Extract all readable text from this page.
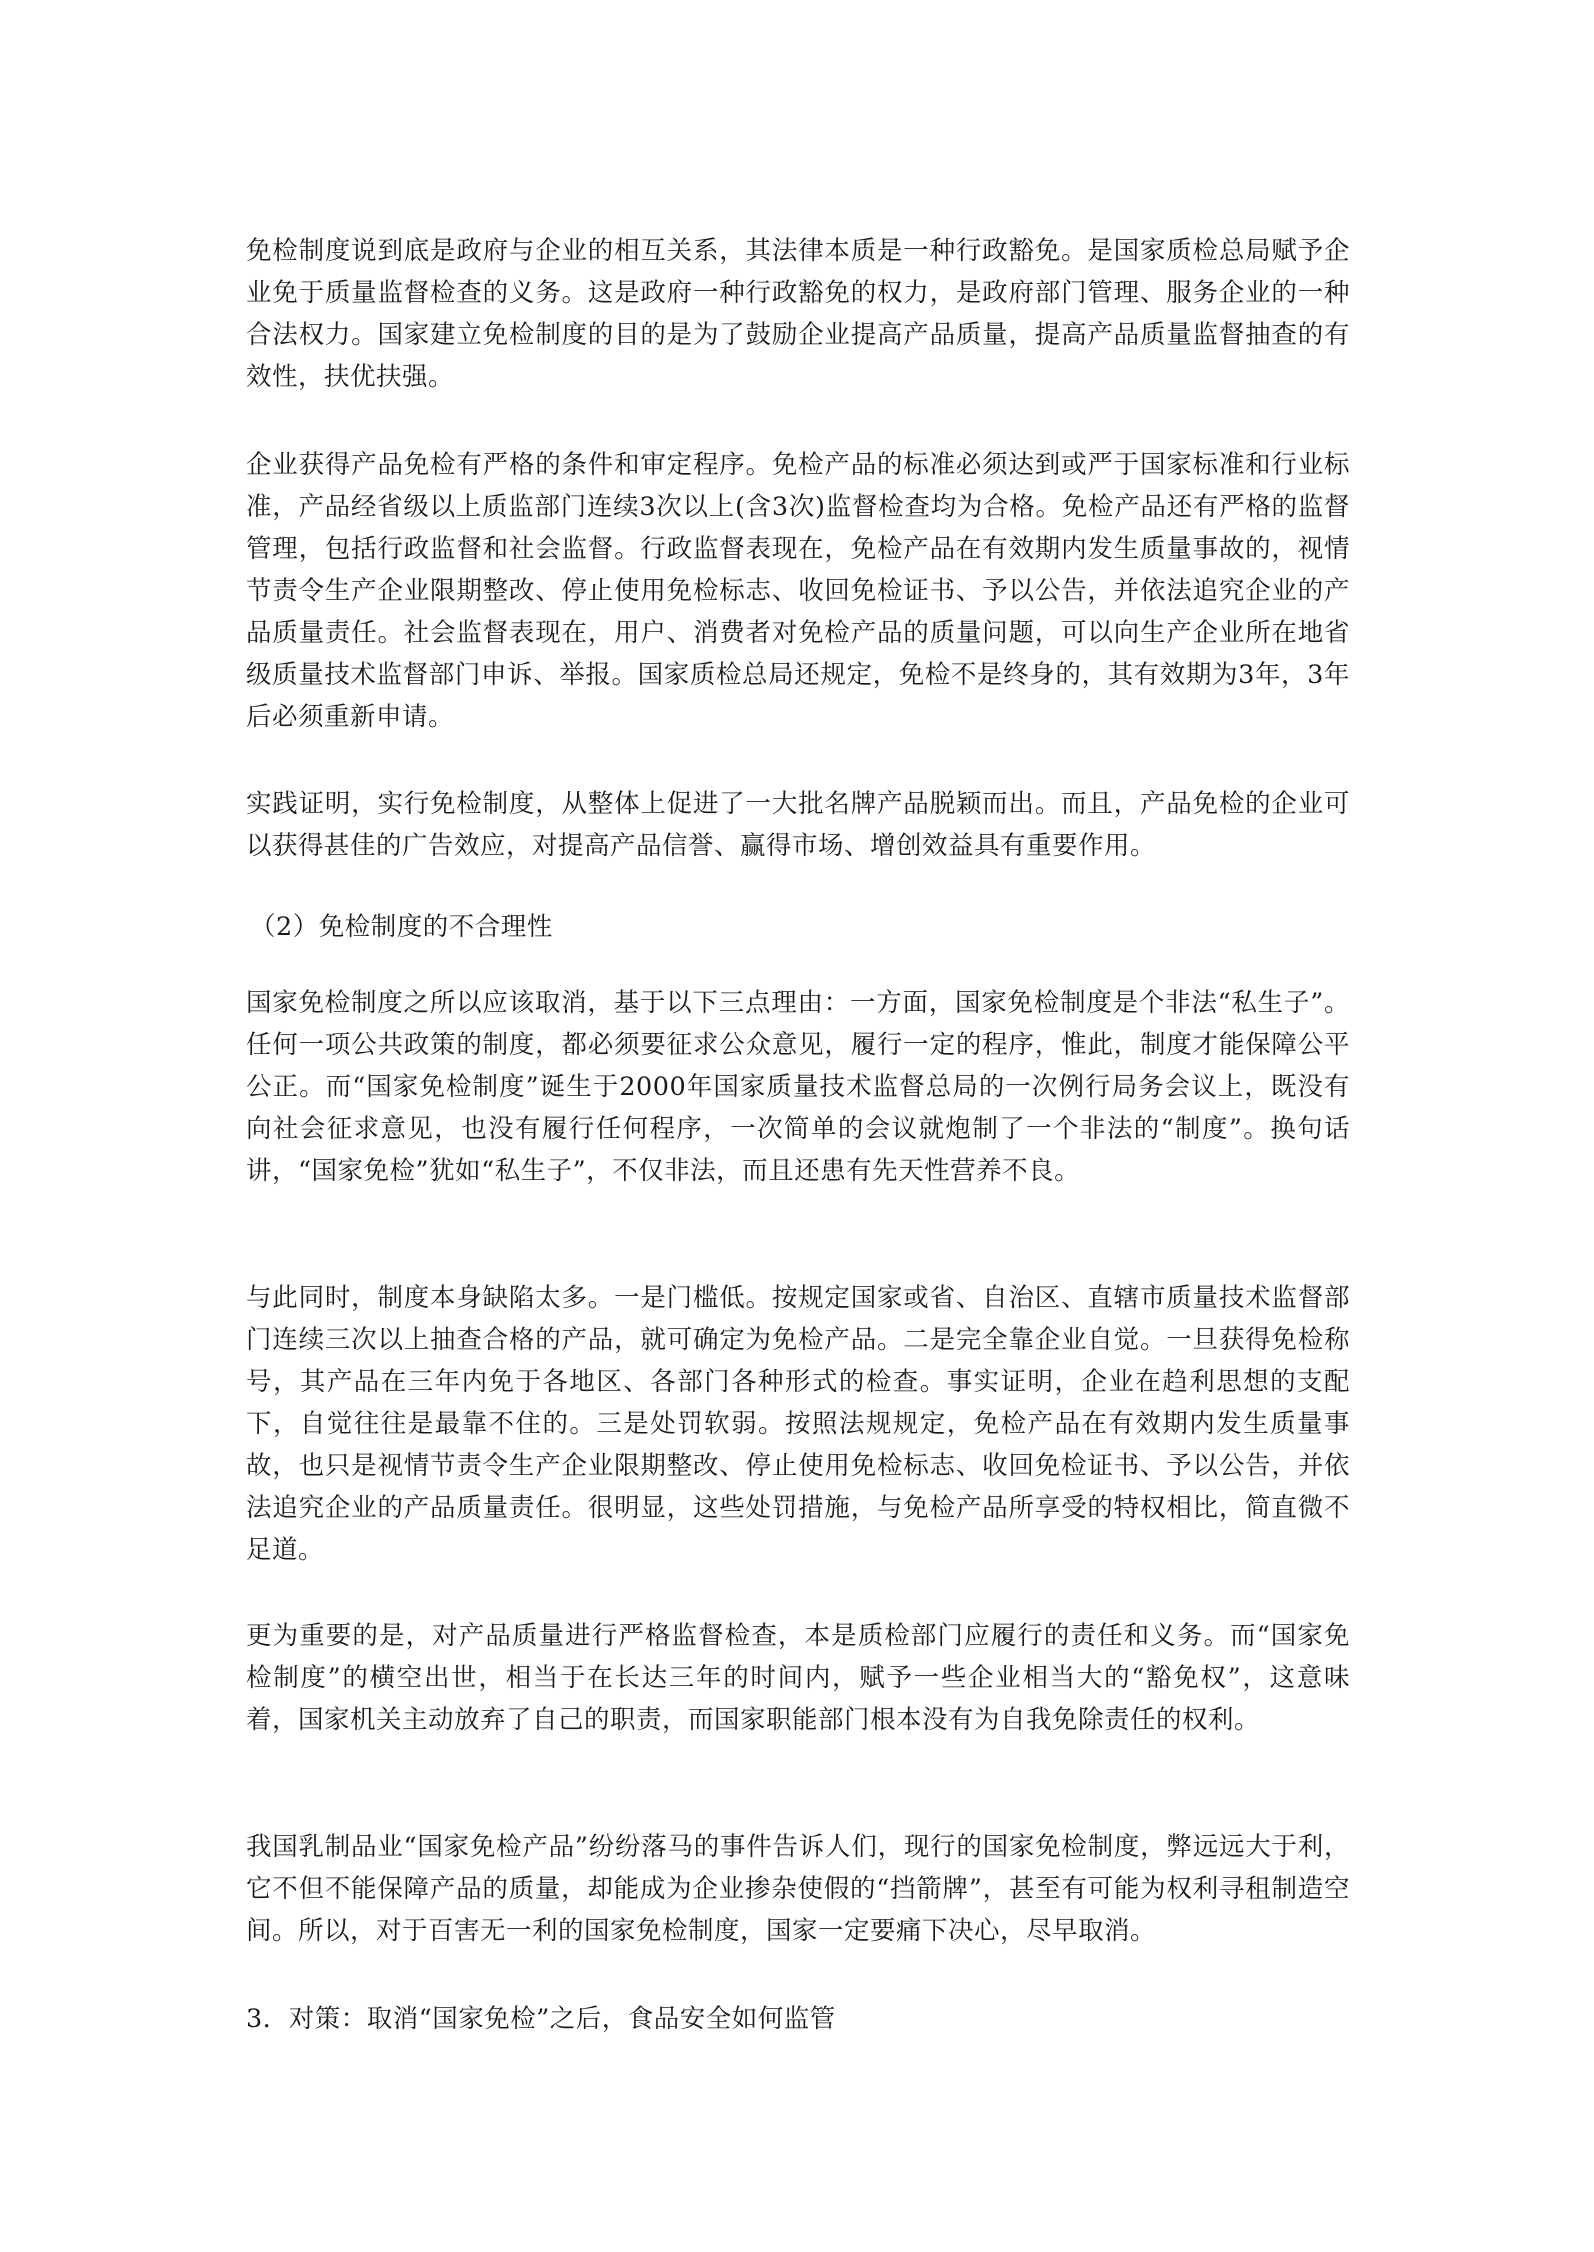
免检制度说到底是政府与企业的相互关系，其法律本质是一种行政豁免。是国家质检总局赋予企业免于质量监督检查的义务。这是政府一种行政豁免的权力，是政府部门管理、服务企业的一种合法权力。国家建立免检制度的目的是为了鼓励企业提高产品质量，提高产品质量监督抽查的有效性，扶优扶强。

企业获得产品免检有严格的条件和审定程序。免检产品的标准必须达到或严于国家标准和行业标准，产品经省级以上质监部门连续3次以上(含3次)监督检查均为合格。免检产品还有严格的监督管理，包括行政监督和社会监督。行政监督表现在，免检产品在有效期内发生质量事故的，视情节责令生产企业限期整改、停止使用免检标志、收回免检证书、予以公告，并依法追究企业的产品质量责任。社会监督表现在，用户、消费者对免检产品的质量问题，可以向生产企业所在地省级质量技术监督部门申诉、举报。国家质检总局还规定，免检不是终身的，其有效期为3年，3年后必须重新申请。

实践证明，实行免检制度，从整体上促进了一大批名牌产品脱颖而出。而且，产品免检的企业可以获得甚佳的广告效应，对提高产品信誉、赢得市场、增创效益具有重要作用。

（2）免检制度的不合理性

国家免检制度之所以应该取消，基于以下三点理由：一方面，国家免检制度是个非法“私生子”。任何一项公共政策的制度，都必须要征求公众意见，履行一定的程序，惟此，制度才能保障公平公正。而“国家免检制度”诞生于2000年国家质量技术监督总局的一次例行局务会议上，既没有向社会征求意见，也没有履行任何程序，一次简单的会议就炮制了一个非法的“制度”。换句话讲，“国家免检”犹如“私生子”，不仅非法，而且还患有先天性营养不良。

与此同时，制度本身缺陷太多。一是门槛低。按规定国家或省、自治区、直辖市质量技术监督部门连续三次以上抽查合格的产品，就可确定为免检产品。二是完全靠企业自觉。一旦获得免检称号，其产品在三年内免于各地区、各部门各种形式的检查。事实证明，企业在趋利思想的支配下，自觉往往是最靠不住的。三是处罚软弱。按照法规规定，免检产品在有效期内发生质量事故，也只是视情节责令生产企业限期整改、停止使用免检标志、收回免检证书、予以公告，并依法追究企业的产品质量责任。很明显，这些处罚措施，与免检产品所享受的特权相比，简直微不足道。

更为重要的是，对产品质量进行严格监督检查，本是质检部门应履行的责任和义务。而“国家免检制度”的横空出世，相当于在长达三年的时间内，赋予一些企业相当大的“豁免权”，这意味着，国家机关主动放弃了自己的职责，而国家职能部门根本没有为自我免除责任的权利。

我国乳制品业“国家免检产品”纷纷落马的事件告诉人们，现行的国家免检制度，弊远远大于利，它不但不能保障产品的质量，却能成为企业掺杂使假的“挡箭牌”，甚至有可能为权利寻租制造空间。所以，对于百害无一利的国家免检制度，国家一定要痛下决心，尽早取消。

3．对策：取消“国家免检”之后，食品安全如何监管
